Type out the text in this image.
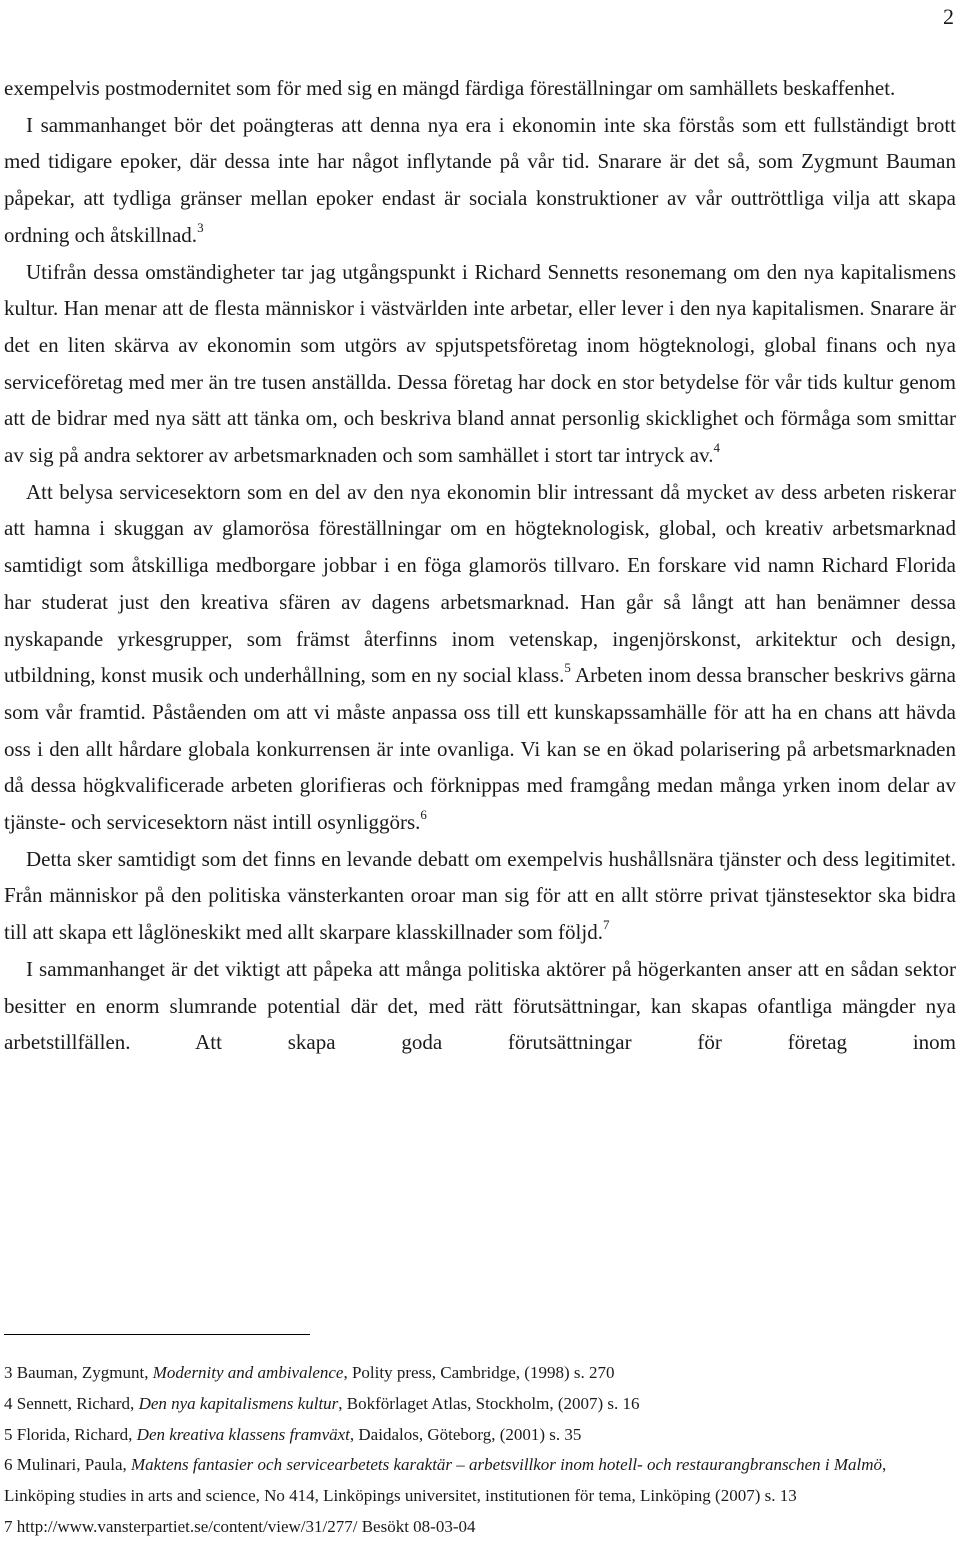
2

exempelvis postmodernitet som för med sig en mängd färdiga föreställningar om samhällets beskaffenhet.

I sammanhanget bör det poängteras att denna nya era i ekonomin inte ska förstås som ett fullständigt brott med tidigare epoker, där dessa inte har något inflytande på vår tid. Snarare är det så, som Zygmunt Bauman påpekar, att tydliga gränser mellan epoker endast är sociala konstruktioner av vår outtröttliga vilja att skapa ordning och åtskillnad.$^3$

Utifrån dessa omständigheter tar jag utgångspunkt i Richard Sennetts resonemang om den nya kapitalismens kultur. Han menar att de flesta människor i västvärlden inte arbetar, eller lever i den nya kapitalismen. Snarare är det en liten skärva av ekonomin som utgörs av spjutspetsföretag inom högteknologi, global finans och nya serviceföretag med mer än tre tusen anställda. Dessa företag har dock en stor betydelse för vår tids kultur genom att de bidrar med nya sätt att tänka om, och beskriva bland annat personlig skicklighet och förmåga som smittar av sig på andra sektorer av arbetsmarknaden och som samhället i stort tar intryck av.$^4$

Att belysa servicesektorn som en del av den nya ekonomin blir intressant då mycket av dess arbeten riskerar att hamna i skuggan av glamorösa föreställningar om en högteknologisk, global, och kreativ arbetsmarknad samtidigt som åtskilliga medborgare jobbar i en föga glamorös tillvaro. En forskare vid namn Richard Florida har studerat just den kreativa sfären av dagens arbetsmarknad. Han går så långt att han benämner dessa nyskapande yrkesgrupper, som främst återfinns inom vetenskap, ingenjörskonst, arkitektur och design, utbildning, konst musik och underhållning, som en ny social klass.$^5$ Arbeten inom dessa branscher beskrivs gärna som vår framtid. Påståenden om att vi måste anpassa oss till ett kunskapssamhälle för att ha en chans att hävda oss i den allt hårdare globala konkurrensen är inte ovanliga. Vi kan se en ökad polarisering på arbetsmarknaden då dessa högkvalificerade arbeten glorifieras och förknippas med framgång medan många yrken inom delar av tjänste- och servicesektorn näst intill osynliggörs.$^6$

Detta sker samtidigt som det finns en levande debatt om exempelvis hushållsnära tjänster och dess legitimitet. Från människor på den politiska vänsterkanten oroar man sig för att en allt större privat tjänstesektor ska bidra till att skapa ett låglöneskikt med allt skarpare klasskillnader som följd.$^7$

I sammanhanget är det viktigt att påpeka att många politiska aktörer på högerkanten anser att en sådan sektor besitter en enorm slumrande potential där det, med rätt förutsättningar, kan skapas ofantliga mängder nya arbetstillfällen. Att skapa goda förutsättningar för företag inom

3 Bauman, Zygmunt, Modernity and ambivalence, Polity press, Cambridge, (1998) s. 270

4 Sennett, Richard, Den nya kapitalismens kultur, Bokförlaget Atlas, Stockholm, (2007) s. 16

5 Florida, Richard, Den kreativa klassens framväxt, Daidalos, Göteborg, (2001) s. 35

6 Mulinari, Paula, Maktens fantasier och servicearbetets karaktär – arbetsvillkor inom hotell- och restaurangbranschen i Malmö,

Linköping studies in arts and science, No 414, Linköpings universitet, institutionen för tema, Linköping (2007) s. 13

7 http://www.vansterpartiet.se/content/view/31/277/ Besökt 08-03-04
